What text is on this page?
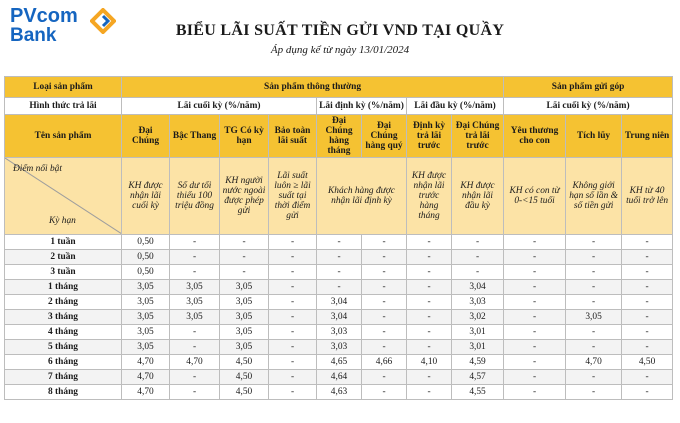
PVcom
Bank	BIỂU LÃI SUẤT TIỀN GỬI VND TẠI QUẦY
Áp dụng kể từ ngày 13/01/2024
Loại sản phẩm	Sản phẩm thông thường								Sản phẩm gửi góp		
Hình thức trả lãi	Lãi cuối kỳ (%/năm)				Lãi định kỳ (%/năm)		Lãi đầu kỳ (%/năm)		Lãi cuối kỳ (%/năm)		
Tên sản phẩm	Đại Chúng	Bậc Thang	TG Có kỳ hạn	Bảo toàn lãi suất	Đại Chúng hàng tháng	Đại Chúng hàng quý	Định kỳ trả lãi trước	Đại Chúng trả lãi trước	Yêu thương cho con	Tích lũy	Trung niên

Điểm nổi bật
Kỳ hạn	KH được nhận lãi cuối kỳ	Số dư tối thiểu 100 triệu đồng	KH người nước ngoài được phép gửi	Lãi suất luôn ≥ lãi suất tại thời điểm gửi	Khách hàng được nhận lãi định kỳ		KH được nhận lãi trước hàng tháng	KH được nhận lãi đầu kỳ	KH có con từ 0-<15 tuổi	Không giới hạn số lần & số tiền gửi	KH từ 40 tuổi trở lên
1 tuần	0,50	-	-	-	-	-	-	-	-	-	-
2 tuần	0,50	-	-	-	-	-	-	-	-	-	-
3 tuần	0,50	-	-	-	-	-	-	-	-	-	-
1 tháng	3,05	3,05	3,05	-	-	-	-	3,04	-	-	-
2 tháng	3,05	3,05	3,05	-	3,04	-	-	3,03	-	-	-
3 tháng	3,05	3,05	3,05	-	3,04	-	-	3,02	-	3,05	-
4 tháng	3,05	-	3,05	-	3,03	-	-	3,01	-	-	-
5 tháng	3,05	-	3,05	-	3,03	-	-	3,01	-	-	-
6 tháng	4,70	4,70	4,50	-	4,65	4,66	4,10	4,59	-	4,70	4,50
7 tháng	4,70	-	4,50	-	4,64	-	-	4,57	-	-	-
8 tháng	4,70	-	4,50	-	4,63	-	-	4,55	-	-	-
